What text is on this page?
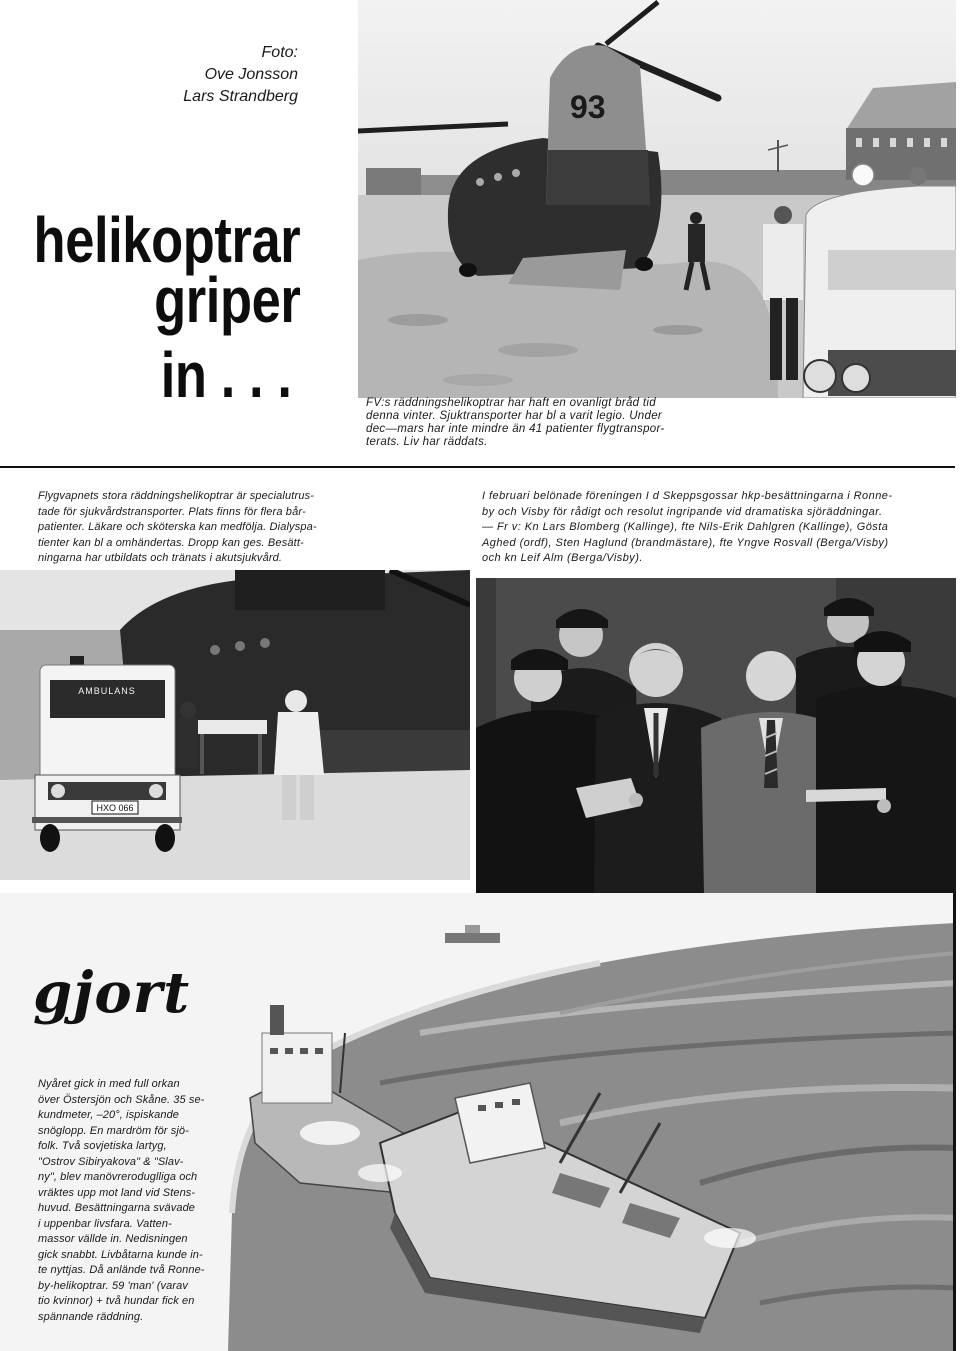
Foto:
Ove Jonsson
Lars Strandberg
helikoptrar
griper
in . . .
93
FV:s räddningshelikoptrar har haft en ovanligt bråd tid
denna vinter. Sjuktransporter har bl a varit legio. Under
dec—mars har inte mindre än 41 patienter flygtranspor-
terats. Liv har räddats.
Flygvapnets stora räddningshelikoptrar är specialutrus-
tade för sjukvårdstransporter. Plats finns för flera bår-
patienter. Läkare och sköterska kan medfölja. Dialyspa-
tienter kan bl a omhändertas. Dropp kan ges. Besätt-
ningarna har utbildats och tränats i akutsjukvård.
I februari belönade föreningen I d Skeppsgossar hkp-besättningarna i Ronne-
by och Visby för rådigt och resolut ingripande vid dramatiska sjöräddningar.
— Fr v: Kn Lars Blomberg (Kallinge), fte Nils-Erik Dahlgren (Kallinge), Gösta
Aghed (ordf), Sten Haglund (brandmästare), fte Yngve Rosvall (Berga/Visby)
och kn Leif Alm (Berga/Visby).
AMBULANS
HXO 066
gjort
Nyåret gick in med full orkan
över Östersjön och Skåne. 35 se-
kundmeter, –20°, ispiskande
snöglopp. En mardröm för sjö-
folk. Två sovjetiska lartyg,
"Ostrov Sibiryakova" & "Slav-
ny", blev manövreroduglliga och
vräktes upp mot land vid Stens-
huvud. Besättningarna svävade
i uppenbar livsfara. Vatten-
massor vällde in. Nedisningen
gick snabbt. Livbåtarna kunde in-
te nyttjas. Då anlände två Ronne-
by-helikoptrar. 59 'man' (varav
tio kvinnor) + två hundar fick en
spännande räddning.
